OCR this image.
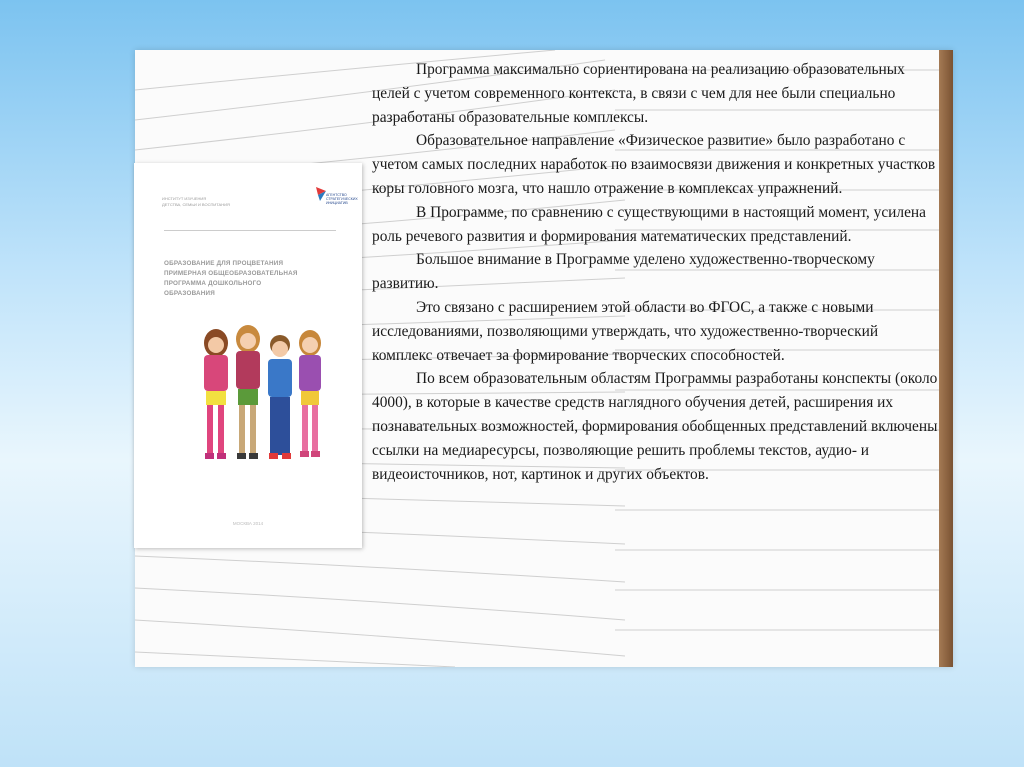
ИНСТИТУТ ИЗУЧЕНИЯ
ДЕТСТВА, СЕМЬИ И ВОСПИТАНИЯ
АГЕНТСТВО
СТРАТЕГИЧЕСКИХ
ИНИЦИАТИВ
ОБРАЗОВАНИЕ ДЛЯ ПРОЦВЕТАНИЯ
ПРИМЕРНАЯ ОБЩЕОБРАЗОВАТЕЛЬНАЯ
ПРОГРАММА ДОШКОЛЬНОГО
ОБРАЗОВАНИЯ
МОСКВА 2014

Программа максимально сориентирована на реализацию образовательных целей с учетом современного контекста, в связи с чем для нее были специально разработаны образовательные комплексы.

Образовательное направление «Физическое развитие» было разработано с учетом самых последних наработок по взаимосвязи движения и конкретных участков коры головного мозга, что нашло отражение в комплексах упражнений.

В Программе, по сравнению с существующими в настоящий момент, усилена роль речевого развития и формирования математических представлений.

Большое внимание в Программе уделено художественно-творческому развитию.

Это связано с расширением этой области во ФГОС, а также с новыми исследованиями, позволяющими утверждать, что художественно-творческий комплекс отвечает за формирование творческих способностей.

По всем образовательным областям Программы разработаны конспекты (около 4000), в которые в качестве средств наглядного обучения детей, расширения их познавательных возможностей, формирования обобщенных представлений включены ссылки на медиаресурсы, позволяющие решить проблемы текстов, аудио- и видеоисточников, нот, картинок и других объектов.
